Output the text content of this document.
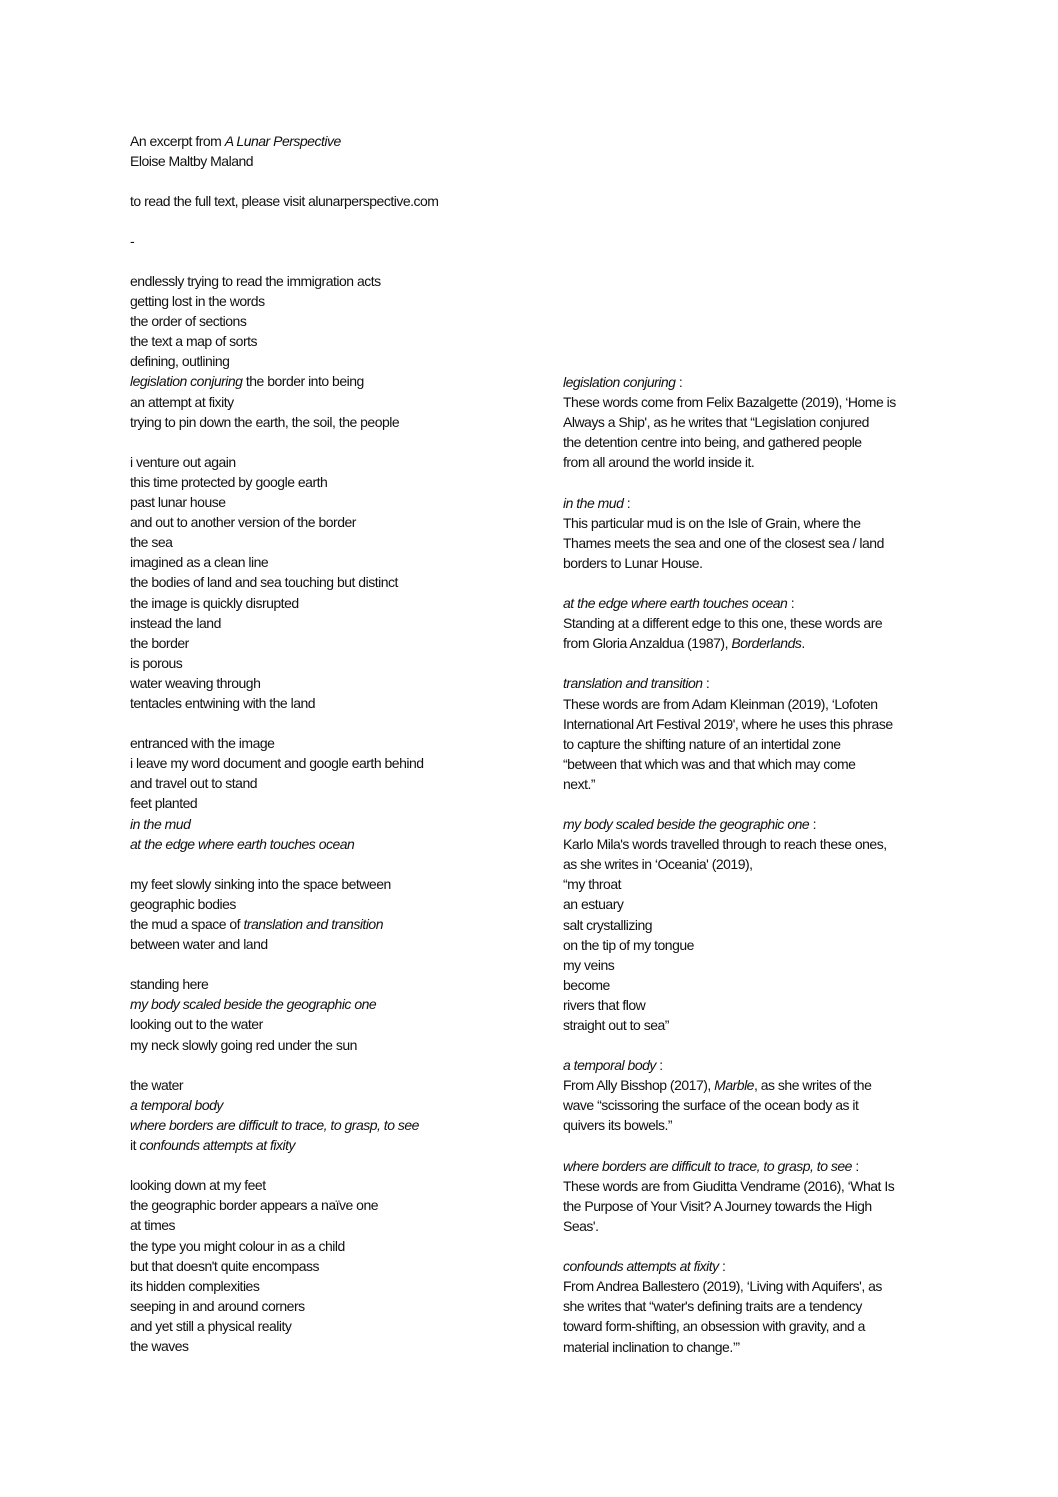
An excerpt from A Lunar Perspective
Eloise Maltby Maland
to read the full text, please visit alunarperspective.com
-
endlessly trying to read the immigration acts
getting lost in the words
the order of sections
the text a map of sorts
defining, outlining
legislation conjuring the border into being
an attempt at fixity
trying to pin down the earth, the soil, the people
i venture out again
this time protected by google earth
past lunar house
and out to another version of the border
the sea
imagined as a clean line
the bodies of land and sea touching but distinct
the image is quickly disrupted
instead the land
the border
is porous
water weaving through
tentacles entwining with the land
entranced with the image
i leave my word document and google earth behind
and travel out to stand
feet planted
in the mud
at the edge where earth touches ocean
my feet slowly sinking into the space between
geographic bodies
the mud a space of translation and transition
between water and land
standing here
my body scaled beside the geographic one
looking out to the water
my neck slowly going red under the sun
the water
a temporal body
where borders are difficult to trace, to grasp, to see
it confounds attempts at fixity
looking down at my feet
the geographic border appears a naïve one
at times
the type you might colour in as a child
but that doesn't quite encompass
its hidden complexities
seeping in and around corners
and yet still a physical reality
the waves
legislation conjuring :
These words come from Felix Bazalgette (2019), ‘Home is
Always a Ship', as he writes that “Legislation conjured
the detention centre into being, and gathered people
from all around the world inside it.
in the mud :
This particular mud is on the Isle of Grain, where the
Thames meets the sea and one of the closest sea / land
borders to Lunar House.
at the edge where earth touches ocean :
Standing at a different edge to this one, these words are
from Gloria Anzaldua (1987), Borderlands.
translation and transition :
These words are from Adam Kleinman (2019), ‘Lofoten
International Art Festival 2019', where he uses this phrase
to capture the shifting nature of an intertidal zone
“between that which was and that which may come
next.”
my body scaled beside the geographic one :
Karlo Mila's words travelled through to reach these ones,
as she writes in ‘Oceania' (2019),
“my throat
an estuary
salt crystallizing
on the tip of my tongue
my veins
become
rivers that flow
straight out to sea”
a temporal body :
From Ally Bisshop (2017), Marble, as she writes of the
wave “scissoring the surface of the ocean body as it
quivers its bowels.”
where borders are difficult to trace, to grasp, to see :
These words are from Giuditta Vendrame (2016), ‘What Is
the Purpose of Your Visit? A Journey towards the High
Seas'.
confounds attempts at fixity :
From Andrea Ballestero (2019), ‘Living with Aquifers', as
she writes that “water's defining traits are a tendency
toward form-shifting, an obsession with gravity, and a
material inclination to change.’”
